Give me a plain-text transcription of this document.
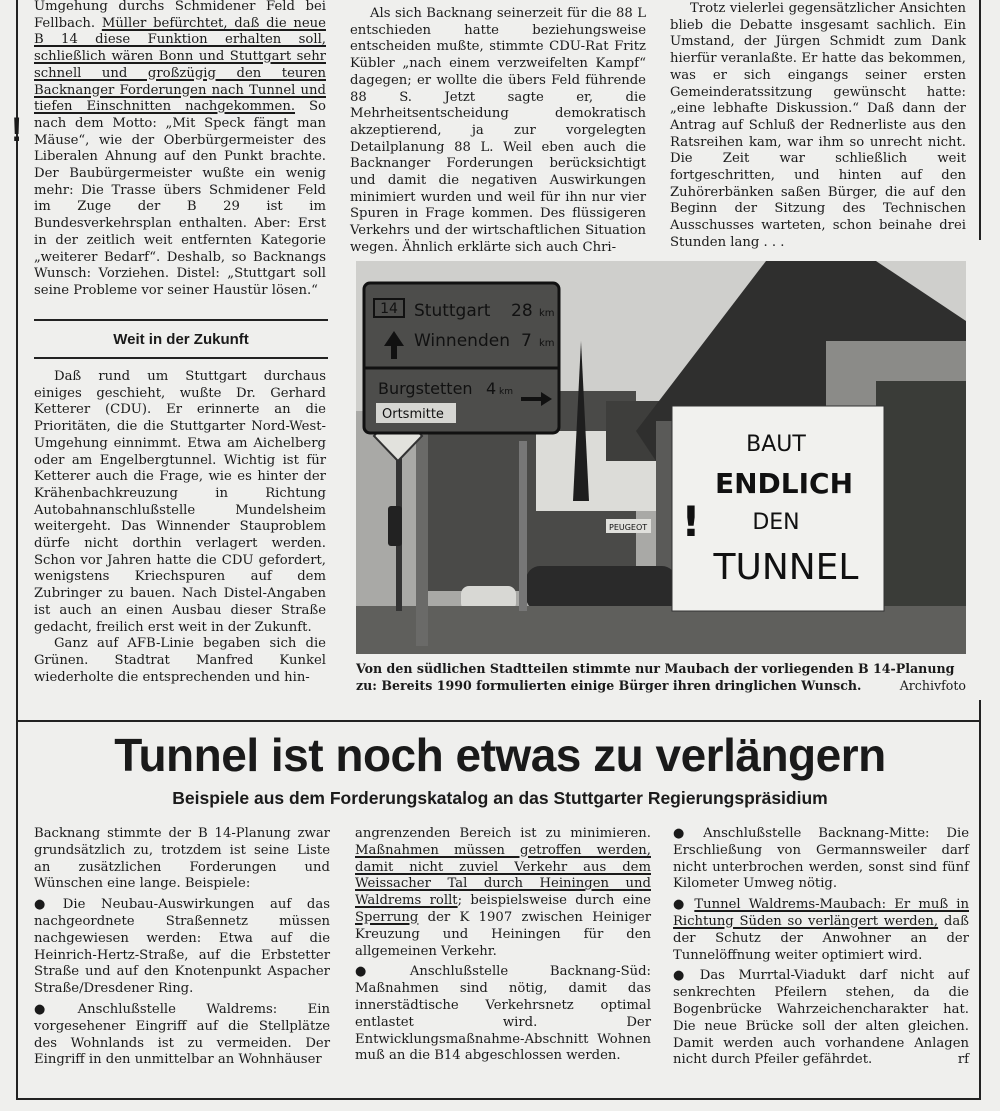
Umgehung durchs Schmidener Feld bei Fellbach. Müller befürchtet, daß die neue B 14 diese Funktion erhalten soll, schließlich wären Bonn und Stuttgart sehr schnell und großzügig den teuren Backnanger Forderungen nach Tunnel und tiefen Einschnitten nachgekommen. So nach dem Motto: „Mit Speck fängt man Mäuse“, wie der Oberbürgermeister des Liberalen Ahnung auf den Punkt brachte. Der Baubürgermeister wußte ein wenig mehr: Die Trasse übers Schmidener Feld im Zuge der B 29 ist im Bundesverkehrsplan enthalten. Aber: Erst in der zeitlich weit entfernten Kategorie „weiterer Bedarf“. Deshalb, so Backnangs Wunsch: Vorziehen. Distel: „Stuttgart soll seine Probleme vor seiner Haustür lösen.“

!
Weit in der Zukunft

Daß rund um Stuttgart durchaus einiges geschieht, wußte Dr. Gerhard Ketterer (CDU). Er erinnerte an die Prioritäten, die die Stuttgarter Nord-West-Umgehung einnimmt. Etwa am Aichelberg oder am Engelbergtunnel. Wichtig ist für Ketterer auch die Frage, wie es hinter der Krähenbachkreuzung in Richtung Autobahnanschlußstelle Mundelsheim weitergeht. Das Winnender Stauproblem dürfe nicht dorthin verlagert werden. Schon vor Jahren hatte die CDU gefordert, wenigstens Kriechspuren auf dem Zubringer zu bauen. Nach Distel-Angaben ist auch an einen Ausbau dieser Straße gedacht, freilich erst weit in der Zukunft.

Ganz auf AFB-Linie begaben sich die Grünen. Stadtrat Manfred Kunkel wiederholte die entsprechenden und hin-

Als sich Backnang seinerzeit für die 88 L entschieden hatte beziehungsweise entscheiden mußte, stimmte CDU-Rat Fritz Kübler „nach einem verzweifelten Kampf“ dagegen; er wollte die übers Feld führende 88 S. Jetzt sagte er, die Mehrheitsentscheidung demokratisch akzeptierend, ja zur vorgelegten Detailplanung 88 L. Weil eben auch die Backnanger Forderungen berücksichtigt und damit die negativen Auswirkungen minimiert wurden und weil für ihn nur vier Spuren in Frage kommen. Des flüssigeren Verkehrs und der wirtschaftlichen Situation wegen. Ähnlich erklärte sich auch Chri-

Trotz vielerlei gegensätzlicher Ansichten blieb die Debatte insgesamt sachlich. Ein Umstand, der Jürgen Schmidt zum Dank hierfür veranlaßte. Er hatte das bekommen, was er sich eingangs seiner ersten Gemeinderatssitzung gewünscht hatte: „eine lebhafte Diskussion.“ Daß dann der Antrag auf Schluß der Rednerliste aus den Ratsreihen kam, war ihm so unrecht nicht. Die Zeit war schließlich weit fortgeschritten, und hinten auf den Zuhörerbänken saßen Bürger, die auf den Beginn der Sitzung des Technischen Ausschusses warteten, schon beinahe drei Stunden lang . . .

14 Stuttgart 28 km
Winnenden 7 km
Burgstetten 4 km
Ortsmitte
PEUGEOT
BAUT
ENDLICH
DEN
TUNNEL
!
Von den südlichen Stadtteilen stimmte nur Maubach der vorliegenden B 14-Planung zu: Bereits 1990 formulierten einige Bürger ihren dringlichen Wunsch.	Archivfoto
Tunnel ist noch etwas zu verlängern
Beispiele aus dem Forderungskatalog an das Stuttgarter Regierungspräsidium

Backnang stimmte der B 14-Planung zwar grundsätzlich zu, trotzdem ist seine Liste an zusätzlichen Forderungen und Wünschen eine lange. Beispiele:

● Die Neubau-Auswirkungen auf das nachgeordnete Straßennetz müssen nachgewiesen werden: Etwa auf die Heinrich-Hertz-Straße, auf die Erbstetter Straße und auf den Knotenpunkt Aspacher Straße/Dresdener Ring.

● Anschlußstelle Waldrems: Ein vorgesehener Eingriff auf die Stellplätze des Wohnlands ist zu vermeiden. Der Eingriff in den unmittelbar an Wohnhäuser

angrenzenden Bereich ist zu minimieren. Maßnahmen müssen getroffen werden, damit nicht zuviel Verkehr aus dem Weissacher Tal durch Heiningen und Waldrems rollt; beispielsweise durch eine Sperrung der K 1907 zwischen Heiniger Kreuzung und Heiningen für den allgemeinen Verkehr.

● Anschlußstelle Backnang-Süd: Maßnahmen sind nötig, damit das innerstädtische Verkehrsnetz optimal entlastet wird. Der Entwicklungsmaßnahme-Abschnitt Wohnen muß an die B14 abgeschlossen werden.

● Anschlußstelle Backnang-Mitte: Die Erschließung von Germannsweiler darf nicht unterbrochen werden, sonst sind fünf Kilometer Umweg nötig.

● Tunnel Waldrems-Maubach: Er muß in Richtung Süden so verlängert werden, daß der Schutz der Anwohner an der Tunnelöffnung weiter optimiert wird.

● Das Murrtal-Viadukt darf nicht auf senkrechten Pfeilern stehen, da die Bogenbrücke Wahrzeichencharakter hat. Die neue Brücke soll der alten gleichen. Damit werden auch vorhandene Anlagen nicht durch Pfeiler gefährdet.	rf
